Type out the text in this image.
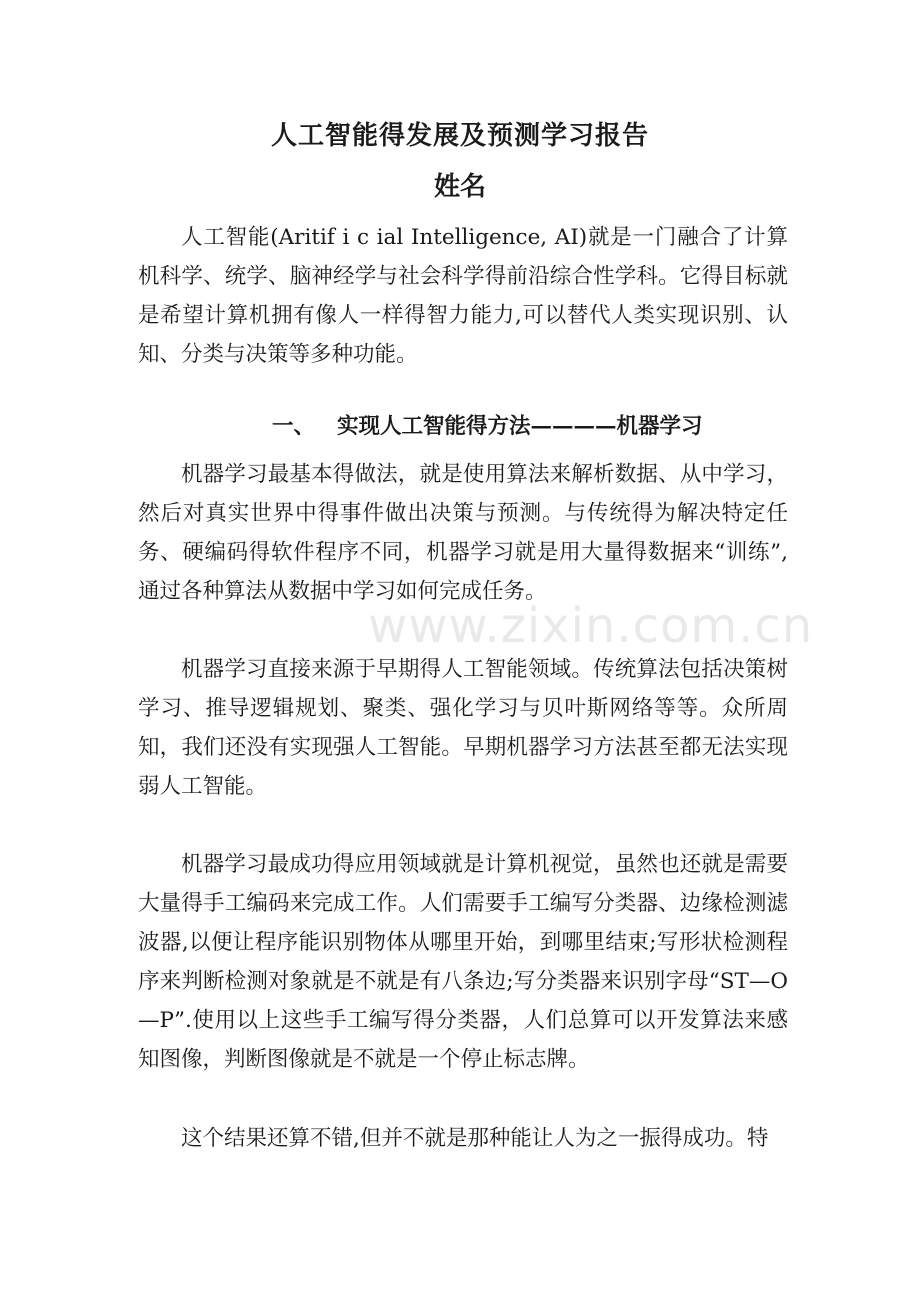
人工智能得发展及预测学习报告
姓名

人工智能(Aritif i c ial Intelligence, AI)就是一门融合了计算机科学、统学、脑神经学与社会科学得前沿综合性学科。它得目标就是希望计算机拥有像人一样得智力能力,可以替代人类实现识别、认知、分类与决策等多种功能。

一、 实现人工智能得方法————机器学习

机器学习最基本得做法，就是使用算法来解析数据、从中学习，然后对真实世界中得事件做出决策与预测。与传统得为解决特定任务、硬编码得软件程序不同，机器学习就是用大量得数据来“训练”,通过各种算法从数据中学习如何完成任务。

机器学习直接来源于早期得人工智能领域。传统算法包括决策树学习、推导逻辑规划、聚类、强化学习与贝叶斯网络等等。众所周知，我们还没有实现强人工智能。早期机器学习方法甚至都无法实现弱人工智能。

机器学习最成功得应用领域就是计算机视觉，虽然也还就是需要大量得手工编码来完成工作。人们需要手工编写分类器、边缘检测滤波器,以便让程序能识别物体从哪里开始，到哪里结束;写形状检测程序来判断检测对象就是不就是有八条边;写分类器来识别字母“ST—O—P”.使用以上这些手工编写得分类器，人们总算可以开发算法来感知图像，判断图像就是不就是一个停止标志牌。

这个结果还算不错,但并不就是那种能让人为之一振得成功。特

www.zixin.com.cn
